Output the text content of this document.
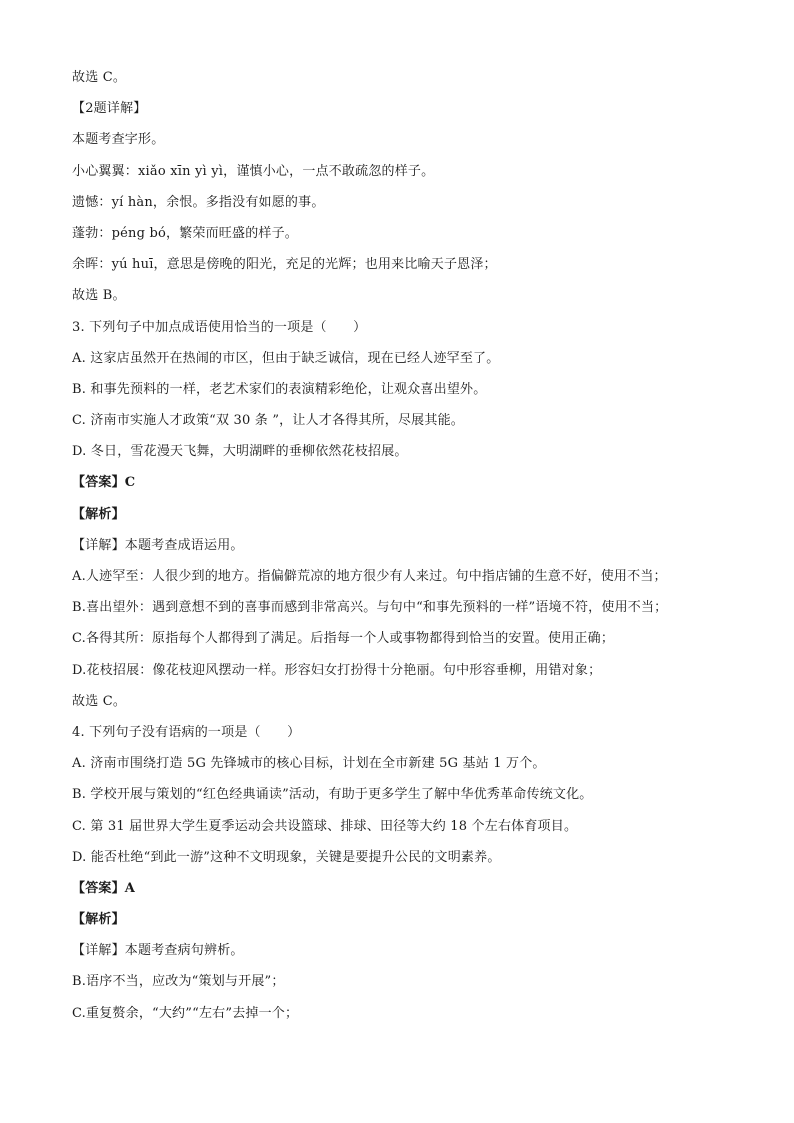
故选 C。
【2题详解】
本题考查字形。
小心翼翼：xiǎo xīn yì yì，谨慎小心，一点不敢疏忽的样子。
遗憾：yí hàn，余恨。多指没有如愿的事。
蓬勃：péng bó，繁荣而旺盛的样子。
余晖：yú huī，意思是傍晚的阳光，充足的光辉；也用来比喻天子恩泽；
故选 B。
3. 下列句子中加点成语使用恰当的一项是（　　）
A. 这家店虽然开在热闹的市区，但由于缺乏诚信，现在已经人迹罕至了。
B. 和事先预料的一样，老艺术家们的表演精彩绝伦，让观众喜出望外。
C. 济南市实施人才政策“双 30 条 ”，让人才各得其所，尽展其能。
D. 冬日，雪花漫天飞舞，大明湖畔的垂柳依然花枝招展。
【答案】C
【解析】
【详解】本题考查成语运用。
A.人迹罕至：人很少到的地方。指偏僻荒凉的地方很少有人来过。句中指店铺的生意不好，使用不当；
B.喜出望外：遇到意想不到的喜事而感到非常高兴。与句中“和事先预料的一样”语境不符，使用不当；
C.各得其所：原指每个人都得到了满足。后指每一个人或事物都得到恰当的安置。使用正确；
D.花枝招展：像花枝迎风摆动一样。形容妇女打扮得十分艳丽。句中形容垂柳，用错对象；
故选 C。
4. 下列句子没有语病的一项是（　　）
A. 济南市围绕打造 5G 先锋城市的核心目标，计划在全市新建 5G 基站 1 万个。
B. 学校开展与策划的“红色经典诵读”活动，有助于更多学生了解中华优秀革命传统文化。
C. 第 31 届世界大学生夏季运动会共设篮球、排球、田径等大约 18 个左右体育项目。
D. 能否杜绝“到此一游”这种不文明现象，关键是要提升公民的文明素养。
【答案】A
【解析】
【详解】本题考查病句辨析。
B.语序不当，应改为“策划与开展”；
C.重复赘余，“大约”“左右”去掉一个；
